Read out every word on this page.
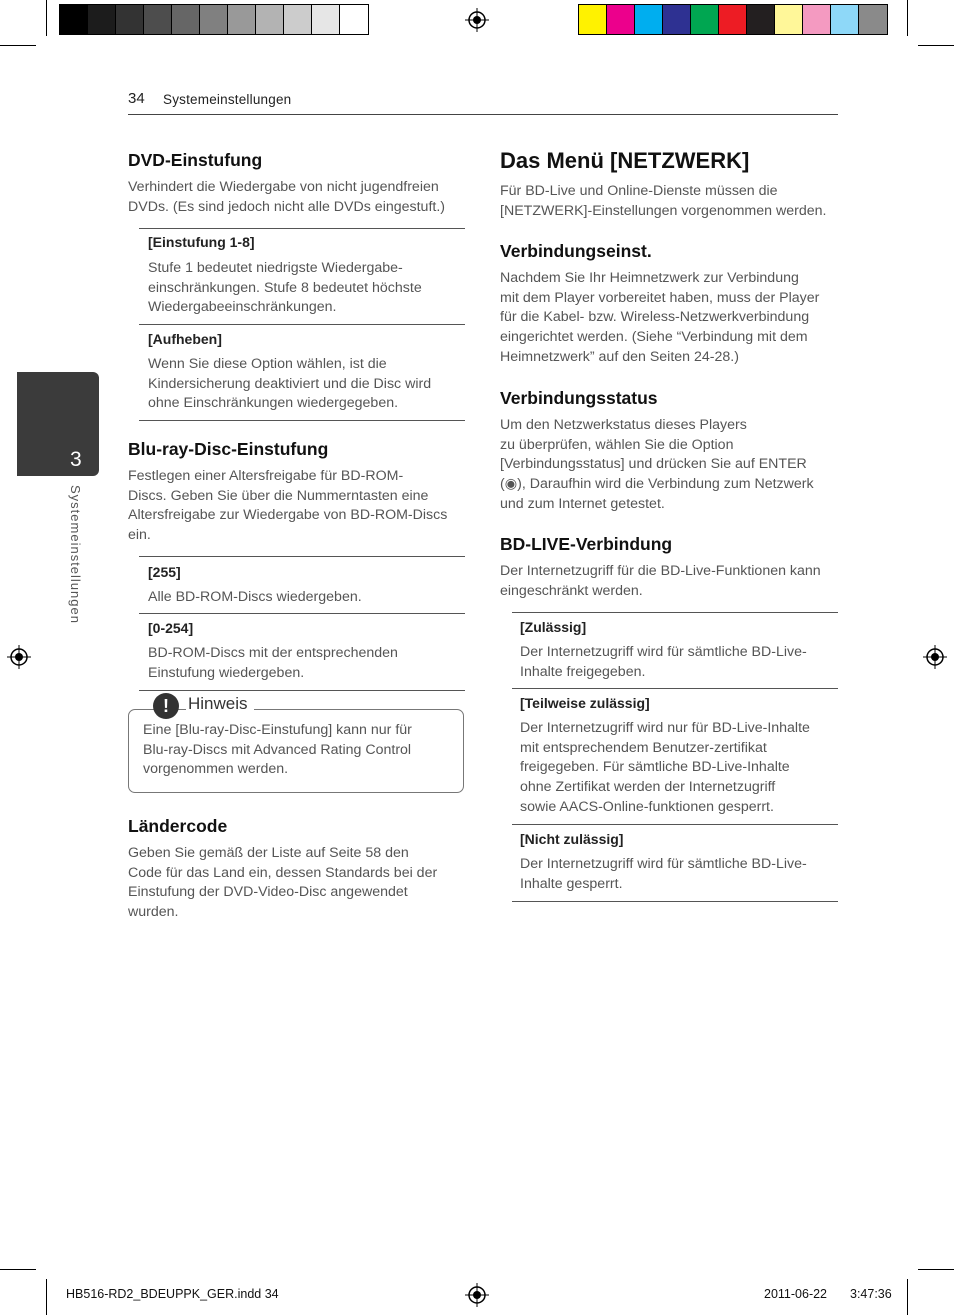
34 Systemeinstellungen
3
Systemeinstellungen
DVD-Einstufung

Verhindert die Wiedergabe von nicht jugendfreien
DVDs. (Es sind jedoch nicht alle DVDs eingestuft.)

[Einstufung 1-8]

Stufe 1 bedeutet niedrigste Wiedergabe-
einschränkungen. Stufe 8 bedeutet höchste
Wiedergabeeinschränkungen.

[Aufheben]

Wenn Sie diese Option wählen, ist die
Kindersicherung deaktiviert und die Disc wird
ohne Einschränkungen wiedergegeben.

Blu-ray-Disc-Einstufung

Festlegen einer Altersfreigabe für BD-ROM-
Discs. Geben Sie über die Nummerntasten eine
Altersfreigabe zur Wiedergabe von BD-ROM-Discs
ein.

[255]

Alle BD-ROM-Discs wiedergeben.

[0-254]

BD-ROM-Discs mit der entsprechenden
Einstufung wiedergeben.

!	Hinweis

Eine [Blu-ray-Disc-Einstufung] kann nur für
Blu-ray-Discs mit Advanced Rating Control
vorgenommen werden.

Ländercode

Geben Sie gemäß der Liste auf Seite 58 den
Code für das Land ein, dessen Standards bei der
Einstufung der DVD-Video-Disc angewendet
wurden.

Das Menü [NETZWERK]

Für BD-Live und Online-Dienste müssen die
[NETZWERK]-Einstellungen vorgenommen werden.

Verbindungseinst.

Nachdem Sie Ihr Heimnetzwerk zur Verbindung
mit dem Player vorbereitet haben, muss der Player
für die Kabel- bzw. Wireless-Netzwerkverbindung
eingerichtet werden. (Siehe “Verbindung mit dem
Heimnetzwerk” auf den Seiten 24-28.)

Verbindungsstatus

Um den Netzwerkstatus dieses Players
zu überprüfen, wählen Sie die Option
[Verbindungsstatus] und drücken Sie auf ENTER
(◉), Daraufhin wird die Verbindung zum Netzwerk
und zum Internet getestet.

BD-LIVE-Verbindung

Der Internetzugriff für die BD-Live-Funktionen kann
eingeschränkt werden.

[Zulässig]

Der Internetzugriff wird für sämtliche BD-Live-
Inhalte freigegeben.

[Teilweise zulässig]

Der Internetzugriff wird nur für BD-Live-Inhalte
mit entsprechendem Benutzer-zertifikat
freigegeben. Für sämtliche BD-Live-Inhalte
ohne Zertifikat werden der Internetzugriff
sowie AACS-Online-funktionen gesperrt.

[Nicht zulässig]

Der Internetzugriff wird für sämtliche BD-Live-
Inhalte gesperrt.

HB516-RD2_BDEUPPK_GER.indd 34	2011-06-22 3:47:36
